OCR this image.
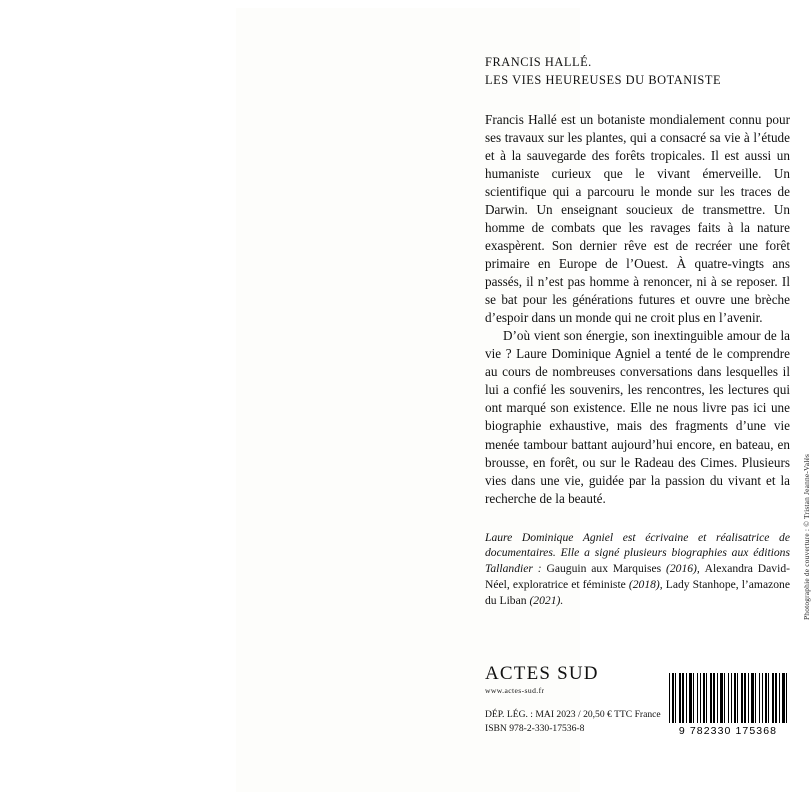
FRANCIS HALLÉ.
LES VIES HEUREUSES DU BOTANISTE

Francis Hallé est un botaniste mondialement connu pour ses travaux sur les plantes, qui a consacré sa vie à l’étude et à la sauvegarde des forêts tropicales. Il est aussi un humaniste curieux que le vivant émerveille. Un scientifique qui a parcouru le monde sur les traces de Darwin. Un enseignant soucieux de transmettre. Un homme de combats que les ravages faits à la nature exaspèrent. Son dernier rêve est de recréer une forêt primaire en Europe de l’Ouest. À quatre-vingts ans passés, il n’est pas homme à renoncer, ni à se reposer. Il se bat pour les générations futures et ouvre une brèche d’espoir dans un monde qui ne croit plus en l’avenir.

D’où vient son énergie, son inextinguible amour de la vie ? Laure Dominique Agniel a tenté de le comprendre au cours de nombreuses conversations dans lesquelles il lui a confié les souvenirs, les rencontres, les lectures qui ont marqué son existence. Elle ne nous livre pas ici une biographie exhaustive, mais des fragments d’une vie menée tambour battant aujourd’hui encore, en bateau, en brousse, en forêt, ou sur le Radeau des Cimes. Plusieurs vies dans une vie, guidée par la passion du vivant et la recherche de la beauté.

Laure Dominique Agniel est écrivaine et réalisatrice de documentaires. Elle a signé plusieurs biographies aux éditions Tallandier : Gauguin aux Marquises (2016), Alexandra David-Néel, exploratrice et féministe (2018), Lady Stanhope, l’amazone du Liban (2021).
ACTES SUD
www.actes-sud.fr
DÉP. LÉG. : MAI 2023 / 20,50 € TTC France
ISBN 978-2-330-17536-8	9 782330 175368
Photographie de couverture : © Tristan Jeanne-Valès
